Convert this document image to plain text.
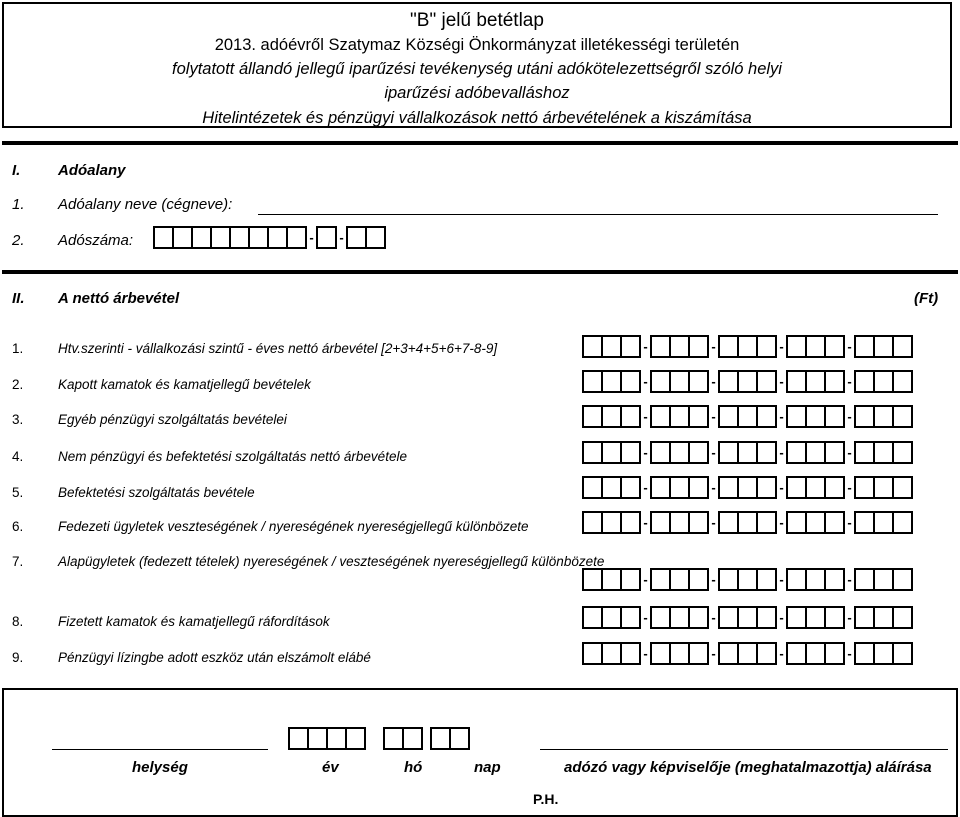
"B" jelű betétlap
2013. adóévről Szatymaz Községi Önkormányzat illetékességi területén
folytatott állandó jellegű iparűzési tevékenység utáni adókötelezettségről szóló helyi
iparűzési adóbevalláshoz
Hitelintézetek és pénzügyi vállalkozások nettó árbevételének a kiszámítása
I.	Adóalany
1. Adóalany neve (cégneve):
2. Adószáma:	- -
II. A nettó árbevétel	(Ft)
1.	Htv.szerinti - vállalkozási szintű - éves nettó árbevétel [2+3+4+5+6+7-8-9]	-	-	-	-
2.	Kapott kamatok és kamatjellegű bevételek	-	-	-	-
3.	Egyéb pénzügyi szolgáltatás bevételei	-	-	-	-
4.	Nem pénzügyi és befektetési szolgáltatás nettó árbevétele	-	-	-	-
5.	Befektetési szolgáltatás bevétele	-	-	-	-
6.	Fedezeti ügyletek veszteségének / nyereségének nyereségjellegű különbözete	-	-	-	-
7.	Alapügyletek (fedezett tételek) nyereségének / veszteségének nyereségjellegű különbözete
-	-	-	-
8.	Fizetett kamatok és kamatjellegű ráfordítások	-	-	-	-
9.	Pénzügyi lízingbe adott eszköz után elszámolt elábé	-	-	-	-
helység	év	hó	nap	adózó vagy képviselője (meghatalmazottja) aláírása
P.H.
